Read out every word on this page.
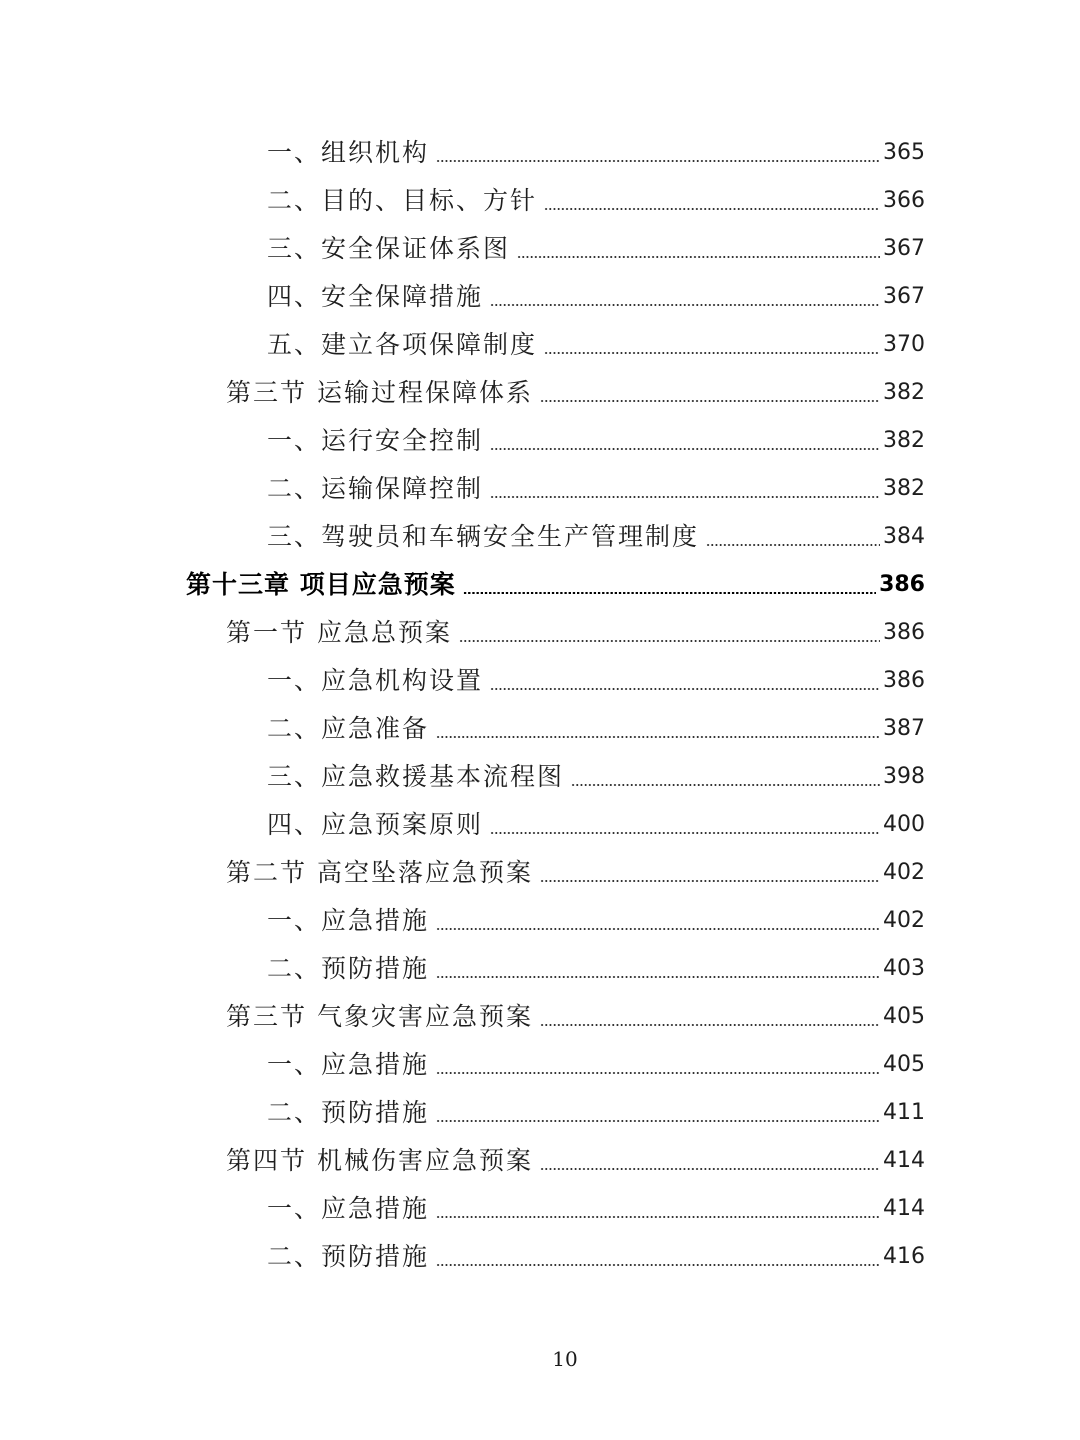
一、组织机构	365
二、目的、目标、方针	366
三、安全保证体系图	367
四、安全保障措施	367
五、建立各项保障制度	370
第三节 运输过程保障体系	382
一、运行安全控制	382
二、运输保障控制	382
三、驾驶员和车辆安全生产管理制度	384
第十三章 项目应急预案	386
第一节 应急总预案	386
一、应急机构设置	386
二、应急准备	387
三、应急救援基本流程图	398
四、应急预案原则	400
第二节 高空坠落应急预案	402
一、应急措施	402
二、预防措施	403
第三节 气象灾害应急预案	405
一、应急措施	405
二、预防措施	411
第四节 机械伤害应急预案	414
一、应急措施	414
二、预防措施	416
10
